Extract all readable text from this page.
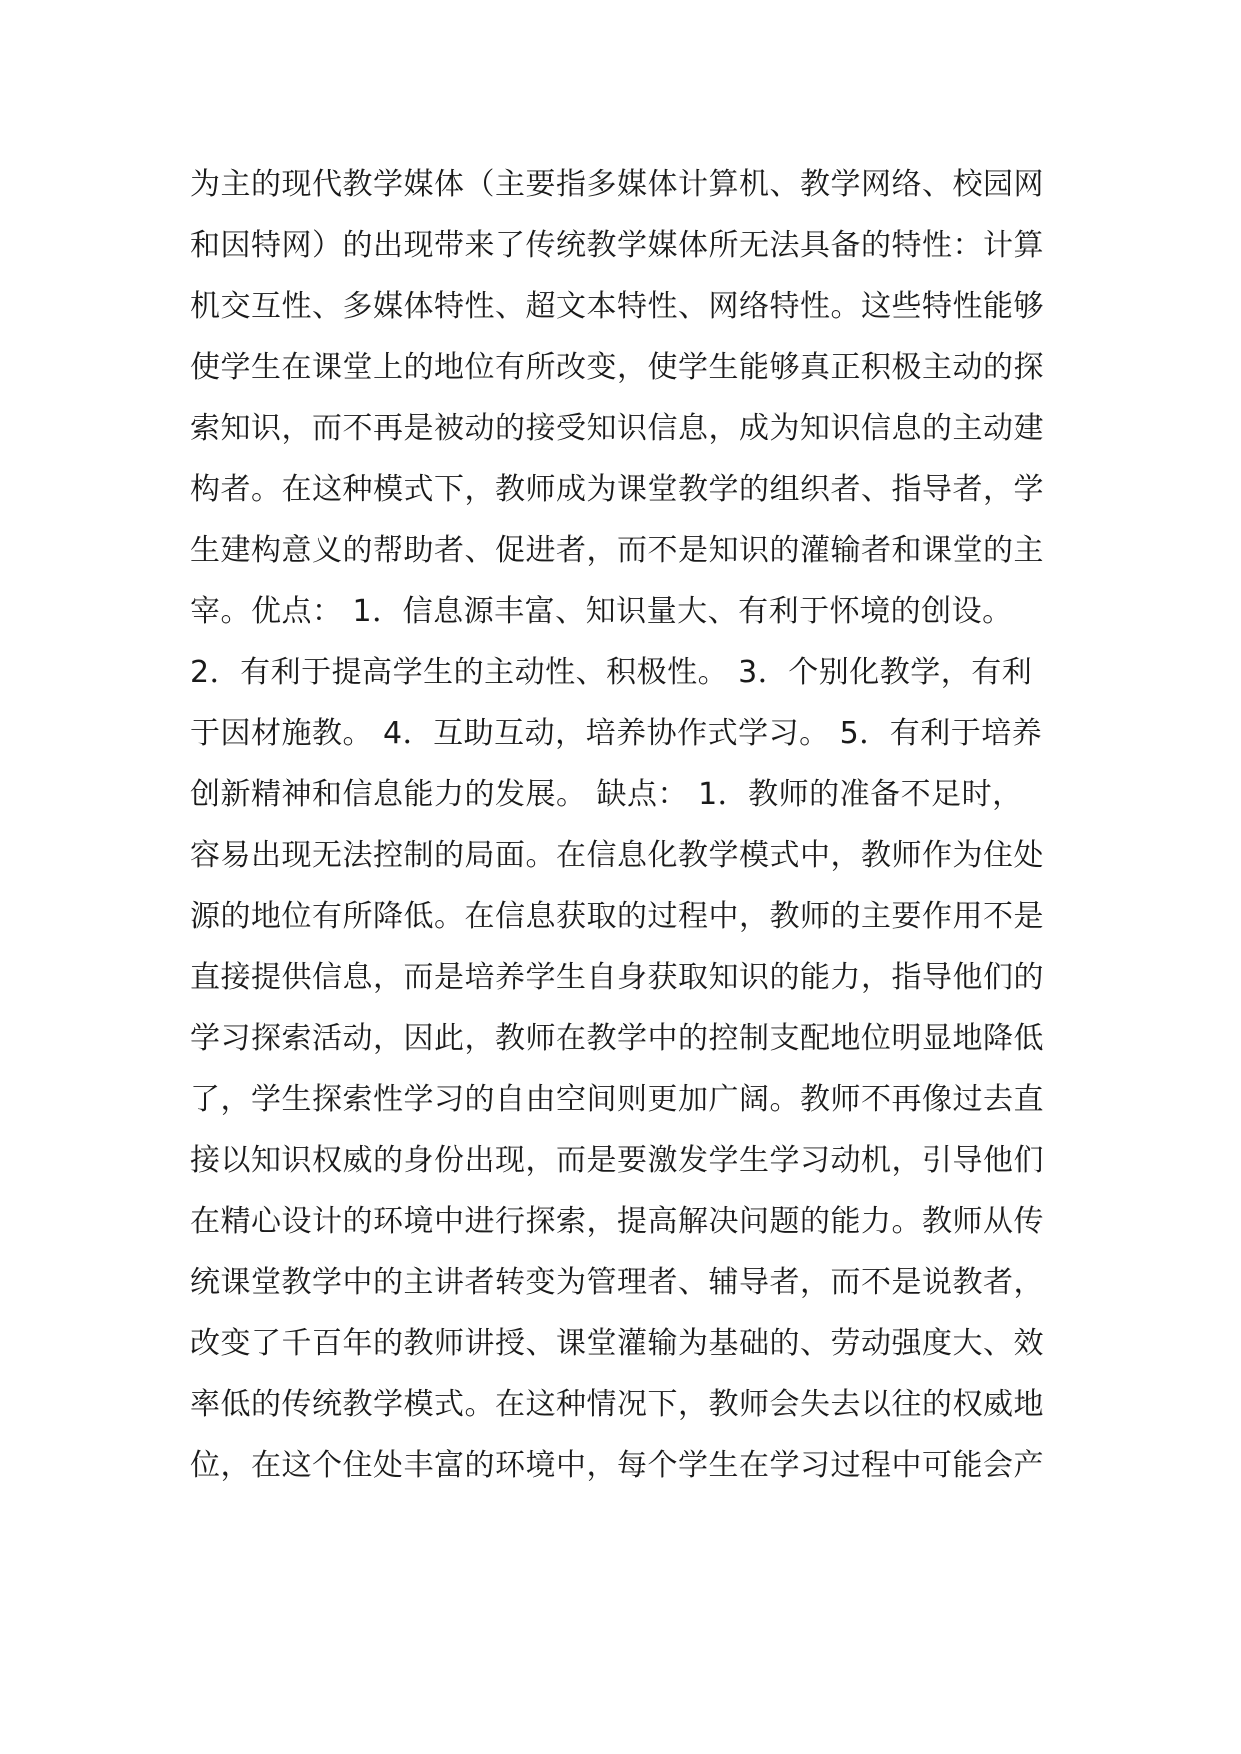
为主的现代教学媒体（主要指多媒体计算机、教学网络、校园网
和因特网）的出现带来了传统教学媒体所无法具备的特性：计算
机交互性、多媒体特性、超文本特性、网络特性。这些特性能够
使学生在课堂上的地位有所改变，使学生能够真正积极主动的探
索知识，而不再是被动的接受知识信息，成为知识信息的主动建
构者。在这种模式下，教师成为课堂教学的组织者、指导者，学
生建构意义的帮助者、促进者，而不是知识的灌输者和课堂的主
宰。优点： 1．信息源丰富、知识量大、有利于怀境的创设。
2．有利于提高学生的主动性、积极性。 3．个别化教学，有利
于因材施教。 4．互助互动，培养协作式学习。 5．有利于培养
创新精神和信息能力的发展。 缺点： 1．教师的准备不足时，
容易出现无法控制的局面。在信息化教学模式中，教师作为住处
源的地位有所降低。在信息获取的过程中，教师的主要作用不是
直接提供信息，而是培养学生自身获取知识的能力，指导他们的
学习探索活动，因此，教师在教学中的控制支配地位明显地降低
了，学生探索性学习的自由空间则更加广阔。教师不再像过去直
接以知识权威的身份出现，而是要激发学生学习动机，引导他们
在精心设计的环境中进行探索，提高解决问题的能力。教师从传
统课堂教学中的主讲者转变为管理者、辅导者，而不是说教者，
改变了千百年的教师讲授、课堂灌输为基础的、劳动强度大、效
率低的传统教学模式。在这种情况下，教师会失去以往的权威地
位，在这个住处丰富的环境中，每个学生在学习过程中可能会产
